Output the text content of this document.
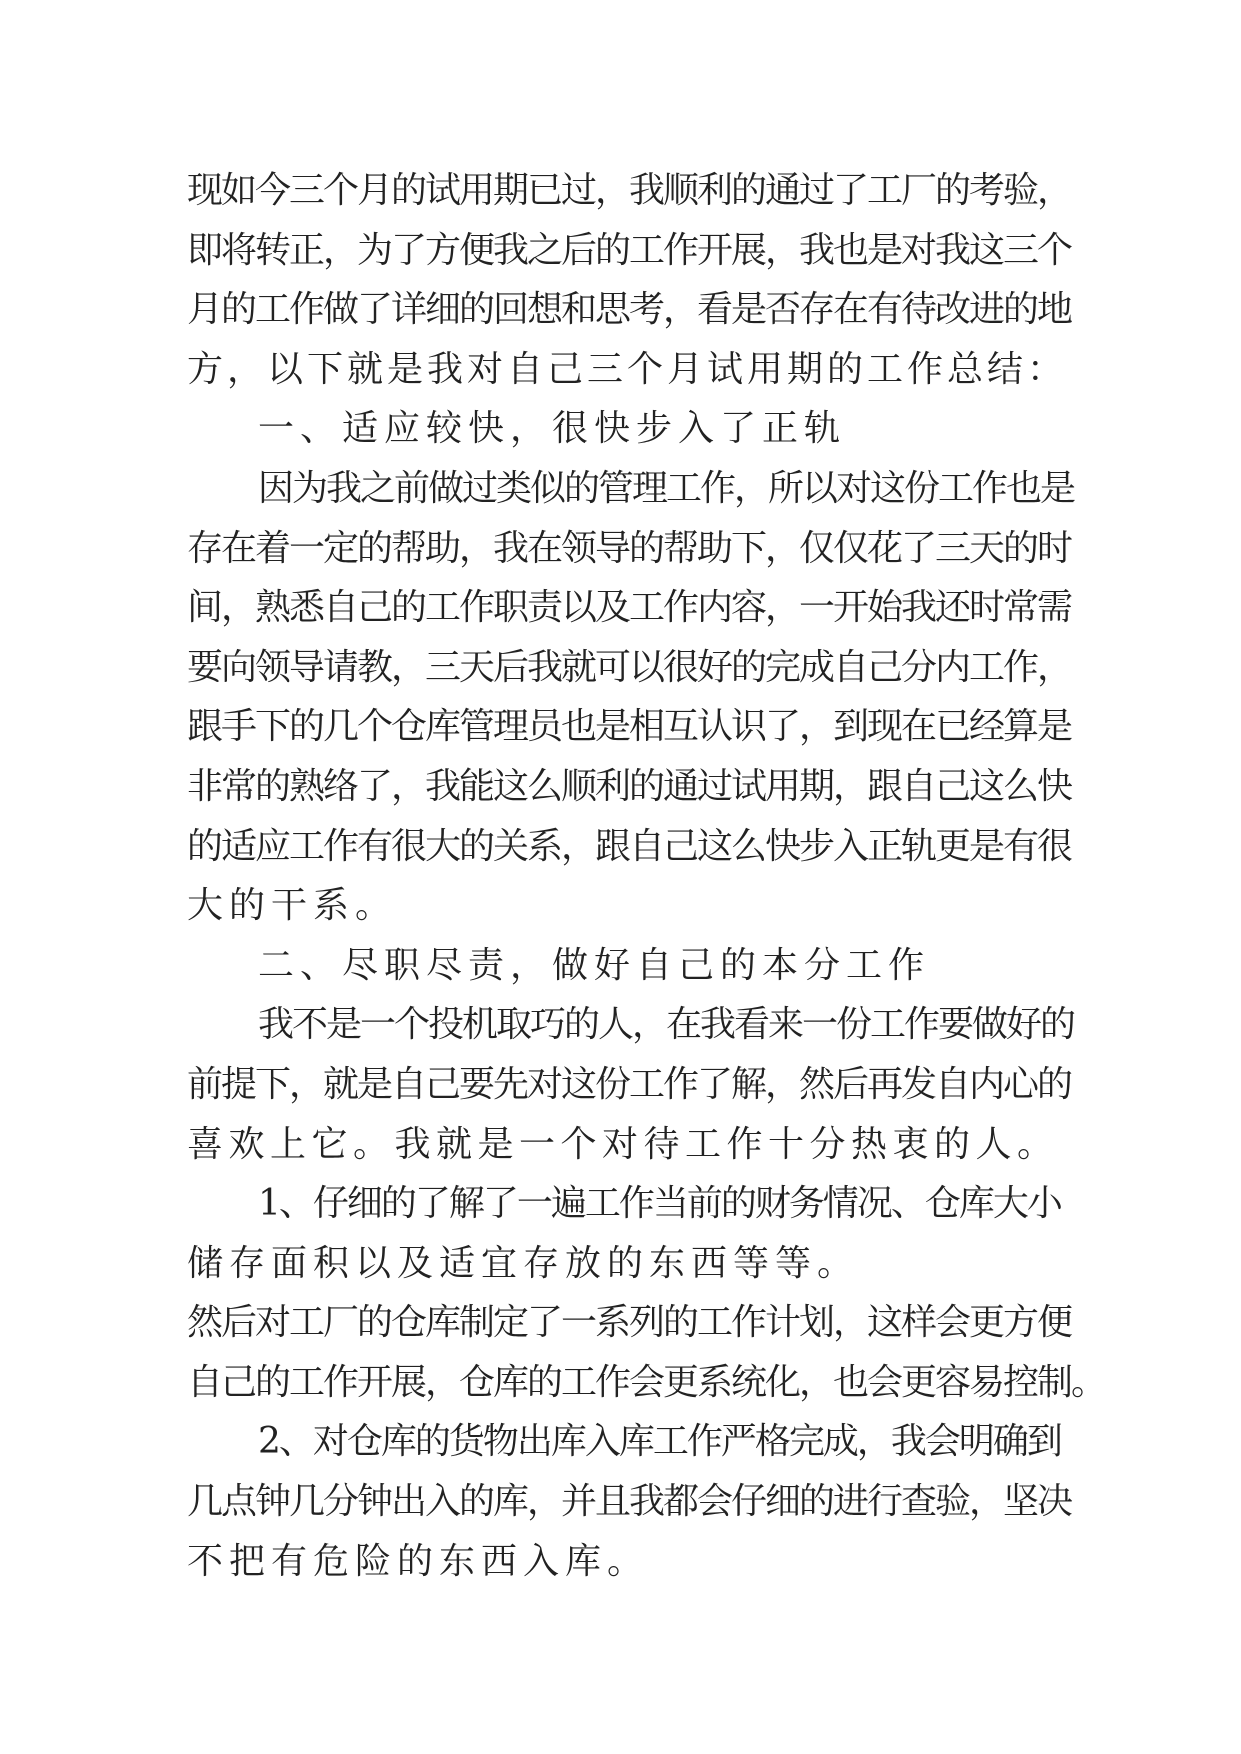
现如今三个月的试用期已过，我顺利的通过了工厂的考验，
即将转正，为了方便我之后的工作开展，我也是对我这三个
月的工作做了详细的回想和思考，看是否存在有待改进的地
方，以下就是我对自己三个月试用期的工作总结：
一、适应较快，很快步入了正轨
因为我之前做过类似的管理工作，所以对这份工作也是
存在着一定的帮助，我在领导的帮助下，仅仅花了三天的时
间，熟悉自己的工作职责以及工作内容，一开始我还时常需
要向领导请教，三天后我就可以很好的完成自己分内工作，
跟手下的几个仓库管理员也是相互认识了，到现在已经算是
非常的熟络了，我能这么顺利的通过试用期，跟自己这么快
的适应工作有很大的关系，跟自己这么快步入正轨更是有很
大的干系。
二、尽职尽责，做好自己的本分工作
我不是一个投机取巧的人，在我看来一份工作要做好的
前提下，就是自己要先对这份工作了解，然后再发自内心的
喜欢上它。我就是一个对待工作十分热衷的人。
1、仔细的了解了一遍工作当前的财务情况、仓库大小
储存面积以及适宜存放的东西等等。
然后对工厂的仓库制定了一系列的工作计划，这样会更方便
自己的工作开展，仓库的工作会更系统化，也会更容易控制。
2、对仓库的货物出库入库工作严格完成，我会明确到
几点钟几分钟出入的库，并且我都会仔细的进行查验，坚决
不把有危险的东西入库。
